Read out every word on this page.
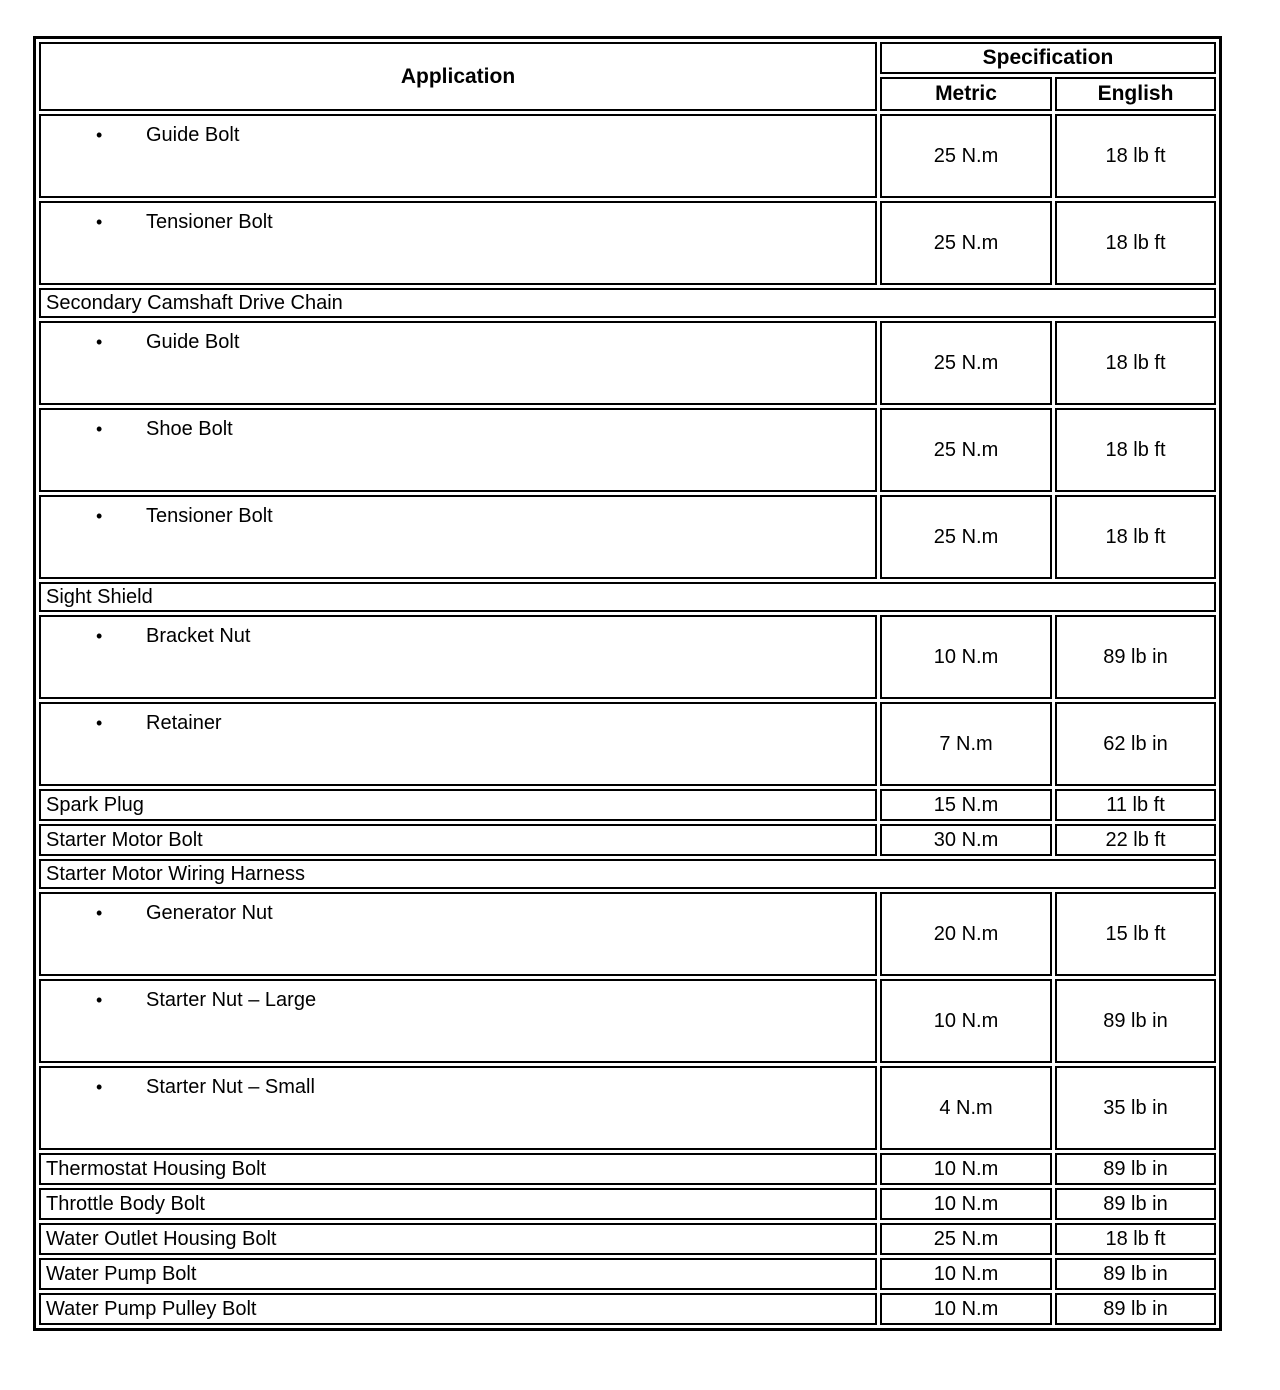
Application	Specification	
	Metric	English
• Guide Bolt	25 N.m	18 lb ft
• Tensioner Bolt	25 N.m	18 lb ft
Secondary Camshaft Drive Chain		
• Guide Bolt	25 N.m	18 lb ft
• Shoe Bolt	25 N.m	18 lb ft
• Tensioner Bolt	25 N.m	18 lb ft
Sight Shield		
• Bracket Nut	10 N.m	89 lb in
• Retainer	7 N.m	62 lb in
Spark Plug	15 N.m	11 lb ft
Starter Motor Bolt	30 N.m	22 lb ft
Starter Motor Wiring Harness		
• Generator Nut	20 N.m	15 lb ft
• Starter Nut – Large	10 N.m	89 lb in
• Starter Nut – Small	4 N.m	35 lb in
Thermostat Housing Bolt	10 N.m	89 lb in
Throttle Body Bolt	10 N.m	89 lb in
Water Outlet Housing Bolt	25 N.m	18 lb ft
Water Pump Bolt	10 N.m	89 lb in
Water Pump Pulley Bolt	10 N.m	89 lb in
